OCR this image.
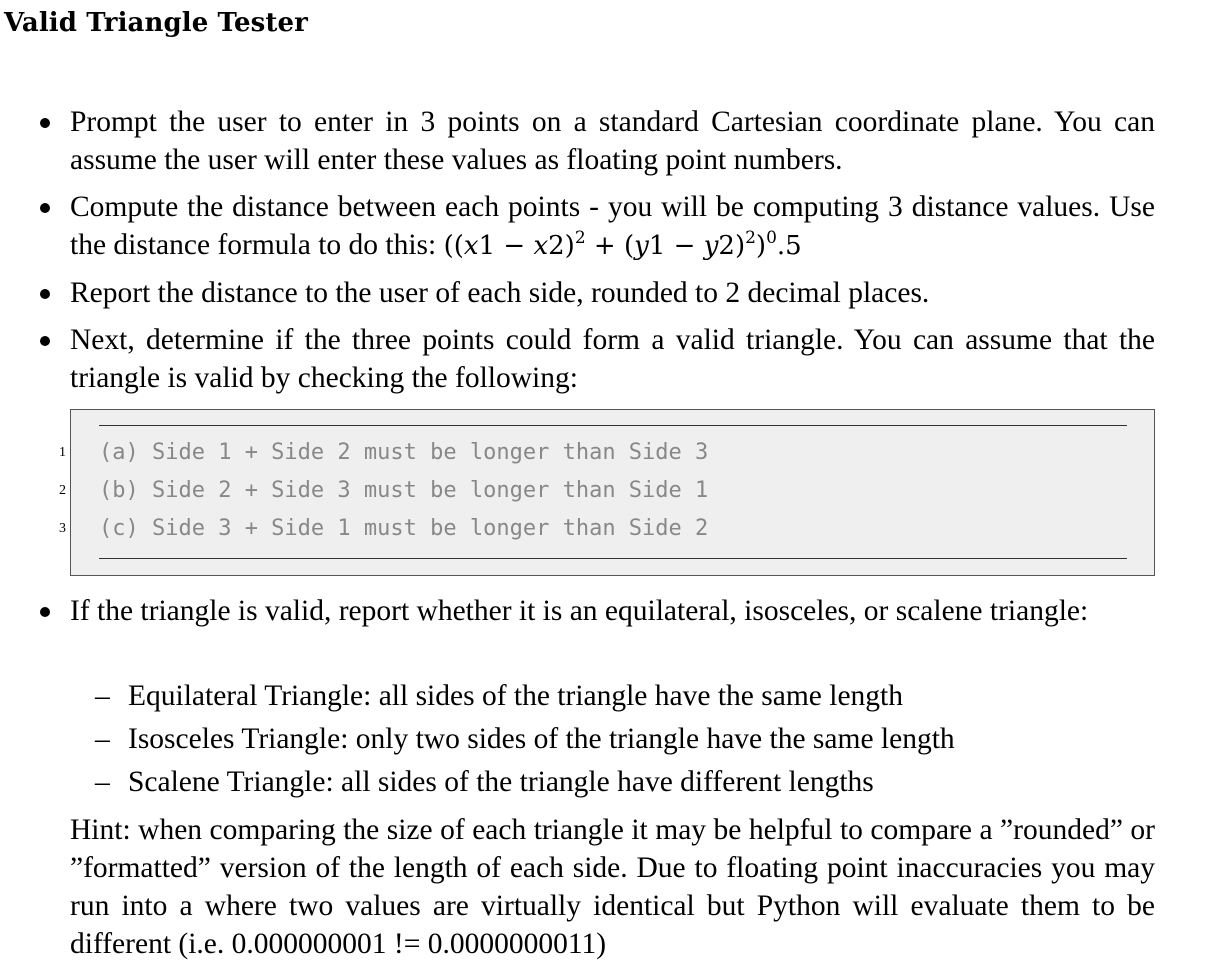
Valid Triangle Tester
Prompt the user to enter in 3 points on a standard Cartesian coordinate plane. You can assume the user will enter these values as floating point numbers.
Compute the distance between each points - you will be computing 3 distance values. Use the distance formula to do this: $((x1 - x2)^2 + (y1 - y2)^2)^0.5$
Report the distance to the user of each side, rounded to 2 decimal places.
Next, determine if the three points could form a valid triangle. You can assume that the triangle is valid by checking the following:
1
2
3
(a) Side 1 + Side 2 must be longer than Side 3
(b) Side 2 + Side 3 must be longer than Side 1
(c) Side 3 + Side 1 must be longer than Side 2
If the triangle is valid, report whether it is an equilateral, isosceles, or scalene triangle:
– Equilateral Triangle: all sides of the triangle have the same length
– Isosceles Triangle: only two sides of the triangle have the same length
– Scalene Triangle: all sides of the triangle have different lengths
Hint: when comparing the size of each triangle it may be helpful to compare a ”rounded” or ”formatted” version of the length of each side. Due to floating point inaccuracies you may run into a where two values are virtually identical but Python will evaluate them to be different (i.e. 0.000000001 != 0.0000000011)
